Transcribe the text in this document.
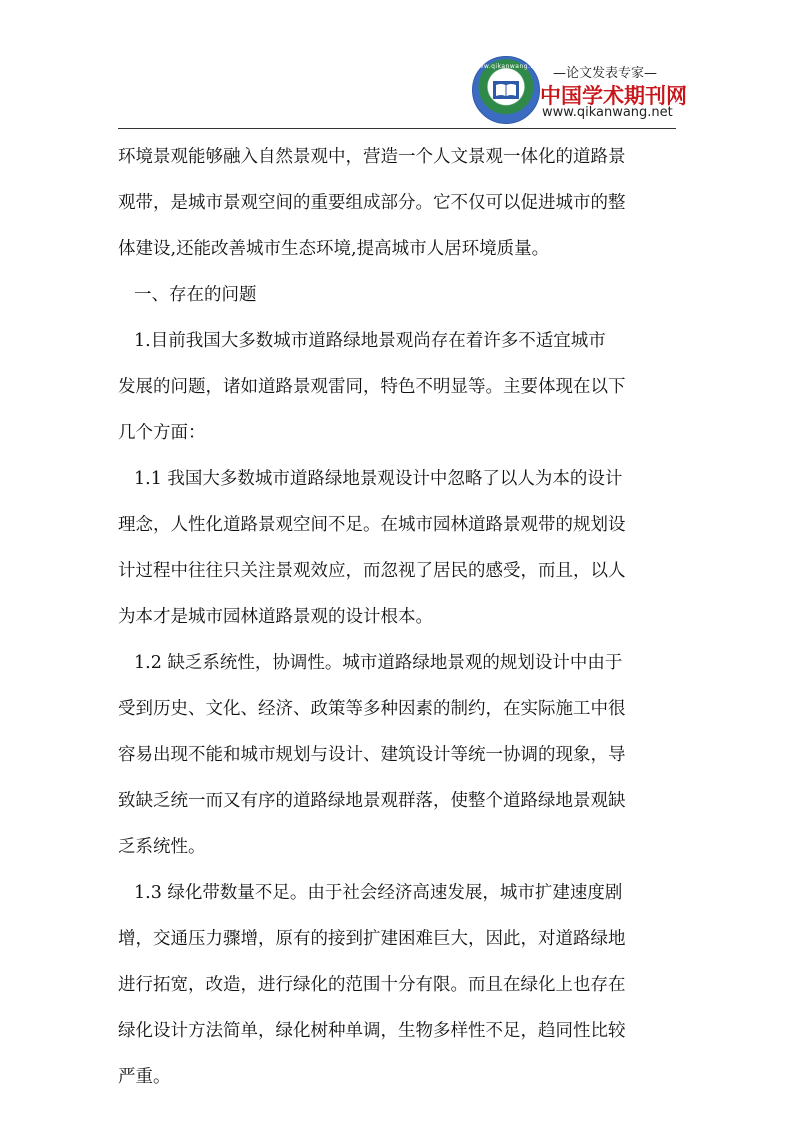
www.qikanwang.net —论文发表专家—
中国学术期刊网
www.qikanwang.net
环境景观能够融入自然景观中，营造一个人文景观一体化的道路景
观带，是城市景观空间的重要组成部分。它不仅可以促进城市的整
体建设,还能改善城市生态环境,提高城市人居环境质量。
一、存在的问题
1.目前我国大多数城市道路绿地景观尚存在着许多不适宜城市
发展的问题，诸如道路景观雷同，特色不明显等。主要体现在以下
几个方面：
1.1 我国大多数城市道路绿地景观设计中忽略了以人为本的设计
理念，人性化道路景观空间不足。在城市园林道路景观带的规划设
计过程中往往只关注景观效应，而忽视了居民的感受，而且，以人
为本才是城市园林道路景观的设计根本。
1.2 缺乏系统性，协调性。城市道路绿地景观的规划设计中由于
受到历史、文化、经济、政策等多种因素的制约，在实际施工中很
容易出现不能和城市规划与设计、建筑设计等统一协调的现象，导
致缺乏统一而又有序的道路绿地景观群落，使整个道路绿地景观缺
乏系统性。
1.3 绿化带数量不足。由于社会经济高速发展，城市扩建速度剧
增，交通压力骤增，原有的接到扩建困难巨大，因此，对道路绿地
进行拓宽，改造，进行绿化的范围十分有限。而且在绿化上也存在
绿化设计方法简单，绿化树种单调，生物多样性不足，趋同性比较
严重。
